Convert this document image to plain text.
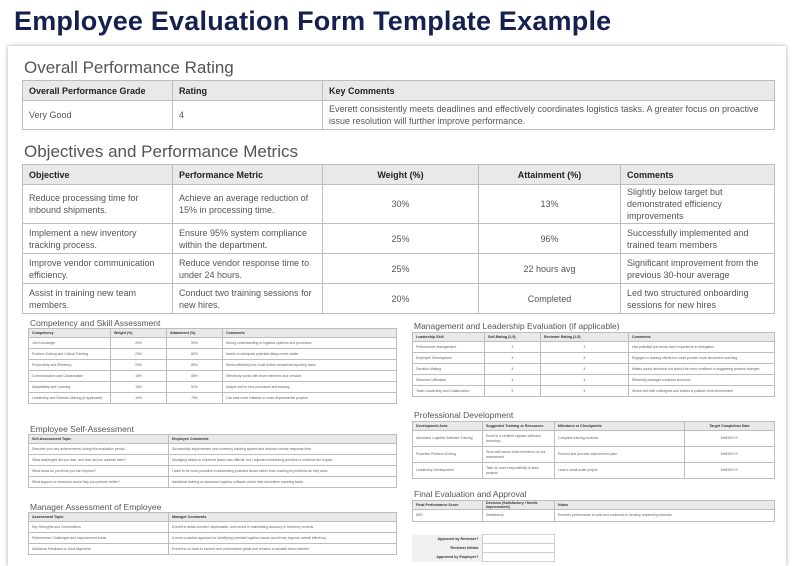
Employee Evaluation Form Template Example
Overall Performance Rating
Overall Performance Grade	Rating	Key Comments
Very Good	4	Everett consistently meets deadlines and effectively coordinates logistics tasks. A greater focus on proactive issue resolution will further improve performance.
Objectives and Performance Metrics
Objective	Performance Metric	Weight (%)	Attainment (%)	Comments
Reduce processing time for inbound shipments.	Achieve an average reduction of 15% in processing time.	30%	13%	Slightly below target but demonstrated efficiency improvements
Implement a new inventory tracking process.	Ensure 95% system compliance within the department.	25%	96%	Successfully implemented and trained team members
Improve vendor communication efficiency.	Reduce vendor response time to under 24 hours.	25%	22 hours avg	Significant improvement from the previous 30-hour average
Assist in training new team members.	Conduct two training sessions for new hires.	20%	Completed	Led two structured onboarding sessions for new hires
Competency and Skill Assessment
Competency	Weight (%)	Attainment (%)	Comments
Job Knowledge	20%	90%	Strong understanding of logistics systems and processes
Problem Solving and Critical Thinking	20%	80%	Needs to anticipate potential delays more earlier
Productivity and Efficiency	20%	85%	Works efficiently but could further streamline reporting tasks
Communication and Collaboration	15%	88%	Effectively works with team members and vendors
Adaptability and Learning	15%	92%	Adapts well to new processes and training
Leadership and Decision-Making (if applicable)	10%	78%	Can take more initiative in cross-departmental projects
Employee Self-Assessment
Self-Assessment Topic	Employee Comments
Describe your key achievements during this evaluation period.	Successfully implemented new inventory tracking system and reduced vendor response time.
What challenges did you face, and how did you address them?	Managing delays in shipment status was difficult, but I adjusted scheduling priorities to minimize the impact.
What areas do you think you can improve?	I want to be more proactive in addressing potential issues rather than reacting to problems as they arise.
What support or resources would help you perform better?	Additional training on advanced logistics software would help streamline reporting tasks.
Manager Assessment of Employee
Assessment Topic	Manager Comments
Key Strengths and Contributions	Everett is detail-oriented, dependable, and excels in maintaining accuracy in inventory records.
Performance Challenges and Improvement Areas	A more proactive approach to identifying potential logistics issues would help improve overall efficiency.
Additional Feedback or Goal Alignment	Everett is on track to exceed next performance goals and remains a valuable team member.
Management and Leadership Evaluation (if applicable)
Leadership Skill	Self-Rating (1-5)	Reviewer Rating (1-5)	Comments
Performance Management	3	3	Has potential but needs more experience in delegation
Employee Development	4	5	Engages in training efforts but could provide more structured coaching
Decision-Making	4	4	Makes sound decisions but should be more confident in suggesting process changes
Resource Utilization	4	4	Efficiently manages workload and tools
Team Leadership and Collaboration	5	4	Works well with colleagues and fosters a positive work environment
Professional Development
Development Area	Suggested Training or Resources	Milestone or Checkpoints	Target Completion Date
Advanced Logistics Software Training	Enroll in a certified logistics software workshop	Complete training modules	MM/DD/YY
Proactive Problem-Solving	Work with senior team members on risk assessment	Present and process improvement plan	MM/DD/YY
Leadership Development	Take on more responsibility in team projects	Lead a small-scale project	MM/DD/YY
Final Evaluation and Approval
Final Performance Score	Decision (Satisfactory / Needs Improvement)	Notes
85%	Satisfactory	Everett's performance is solid and continues to develop leadership potential.
Approved by Reviewer?		
Reviewer Initials		
Approved by Employee?		
